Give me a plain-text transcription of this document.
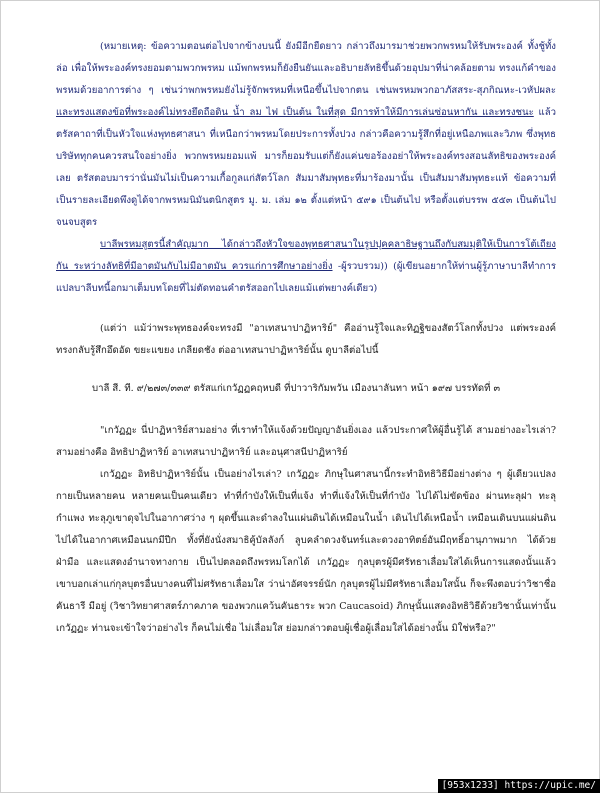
(หมายเหตุ: ข้อความตอนต่อไปจากข้างบนนี้ ยังมีอีกยืดยาว กล่าวถึงมารมาช่วยพวกพรหมให้รับพระองค์ ทั้งชู้ทั้งล่อ เพื่อให้พระองค์ทรงยอมตามพวกพรหม แม้พกพรหมก็ยังยืนยันและอธิบายลัทธิขึ้นด้วยอุปมาที่น่าคล้อยตาม ทรงแก้คำของพรหมด้วยอาการต่าง ๆ เช่นว่าพกพรหมยังไม่รู้จักพรหมที่เหนือขึ้นไปจากตน เช่นพรหมพวกอาภัสสระ-สุภกิณหะ-เวหัปผละ และทรงแสดงข้อที่พระองค์ไม่ทรงยึดถือดิน น้ำ ลม ไฟ เป็นต้น ในที่สุด มีการท้าให้มีการเล่นซ่อนหากัน และทรงชนะ แล้วตรัสคาถาที่เป็นหัวใจแห่งพุทธศาสนา ที่เหนือกว่าพรหมโดยประการทั้งปวง กล่าวคือความรู้สึกที่อยู่เหนือภพและวิภพ ซึ่งพุทธบริษัททุกคนควรสนใจอย่างยิ่ง พวกพรหมยอมแพ้ มารก็ยอมรับแต่ก็ยังแค่นขอร้องอย่าให้พระองค์ทรงสอนลัทธิของพระองค์เลย ตรัสตอบมารว่านั่นมันไม่เป็นความเกื้อกูลแก่สัตว์โลก สัมมาสัมพุทธะที่มาร้องมานั้น เป็นสัมมาสัมพุทธะแท้ ข้อความที่เป็นรายละเอียดพึงดูได้จากพรหมนิมันตนิกสูตร มู. ม. เล่ม ๑๒ ตั้งแต่หน้า ๕๙๑ เป็นต้นไป หรือตั้งแต่บรรพ ๕๕๓ เป็นต้นไปจนจบสูตร

บาลีพรหมสูตรนี้สำคัญมาก ได้กล่าวถึงหัวใจของพุทธศาสนาในรูปปุคคลาธิษฐานถึงกับสมมุติให้เป็นการโต้เถียงกัน ระหว่างลัทธิที่มีอาตมันกับไม่มีอาตมัน ควรแก่การศึกษาอย่างยิ่ง -ผู้รวบรวม)) (ผู้เขียนอยากให้ท่านผู้รู้ภาษาบาลีทำการแปลบาลีบทนี้อกมาเต็มบทโดยที่ไม่ตัดทอนคำตรัสออกไปเลยแม้แต่พยางค์เดียว)

(แต่ว่า แม้ว่าพระพุทธองค์จะทรงมี "อาเทสนาปาฏิหาริย์" คืออ่านรู้ใจและทิฏฐิของสัตว์โลกทั้งปวง แต่พระองค์ทรงกลับรู้สึกอึดอัด ขยะแขยง เกลียดชัง ต่ออาเทสนาปาฏิหาริย์นั้น ดูบาลีต่อไปนี้

บาลี สี. ที. ๙/๒๗๓/๓๓๙ ตรัสแก่เกวัฏฏคฤหบดี ที่ปาวาริกัมพวัน เมืองนาลันทา หน้า ๑๙๗ บรรทัดที่ ๓

"เกวัฏฏะ นี่ปาฏิหาริย์สามอย่าง ที่เราทำให้แจ้งด้วยปัญญาอันยิ่งเอง แล้วประกาศให้ผู้อื่นรู้ได้ สามอย่างอะไรเล่า? สามอย่างคือ อิทธิปาฏิหาริย์ อาเทสนาปาฏิหาริย์ และอนุศาสนีปาฏิหาริย์

เกวัฏฏะ อิทธิปาฏิหาริย์นั้น เป็นอย่างไรเล่า? เกวัฏฏะ ภิกษุในศาสนานี้กระทำอิทธิวิธีมีอย่างต่าง ๆ ผู้เดียวแปลงกายเป็นหลายคน หลายคนเป็นคนเดียว ทำที่กำบังให้เป็นที่แจ้ง ทำที่แจ้งให้เป็นที่กำบัง ไปได้ไม่ขัดข้อง ผ่านทะลุฝา ทะลุกำแพง ทะลุภูเขาดุจไปในอากาศว่าง ๆ ผุดขึ้นและดำลงในแผ่นดินได้เหมือนในน้ำ เดินไปได้เหนือน้ำ เหมือนเดินบนแผ่นดิน ไปได้ในอากาศเหมือนนกมีปีก ทั้งที่ยังนั่งสมาธิคู้บัลลังก์ ลูบคลำดวงจันทร์และดวงอาทิตย์อันมีฤทธิ์อานุภาพมาก ได้ด้วยฝ่ามือ และแสดงอำนาจทางกาย เป็นไปตลอดถึงพรหมโลกได้ เกวัฏฏะ กุลบุตรผู้มีศรัทธาเลื่อมใสได้เห็นการแสดงนั้นแล้ว เขาบอกเล่าแก่กุลบุตรอื่นบางคนที่ไม่ศรัทธาเลื่อมใส ว่าน่าอัศจรรย์นัก กุลบุตรผู้ไม่มีศรัทธาเลื่อมใสนั้น ก็จะพึงตอบว่าวิชาชื่อคันธารี มีอยู่ (วิชาวิทยาศาสตร์ภาคภาค ของพวกแคว้นคันธาระ พวก Caucasoid) ภิกษุนั้นแสดงอิทธิวิธีด้วยวิชานั้นเท่านั้น เกวัฏฏะ ท่านจะเข้าใจว่าอย่างไร ก็คนไม่เชื่อ ไม่เลื่อมใส ย่อมกล่าวตอบผู้เชื่อผู้เลื่อมใสได้อย่างนั้น มิใช่หรือ?"

[953x1233] https://upic.me/
